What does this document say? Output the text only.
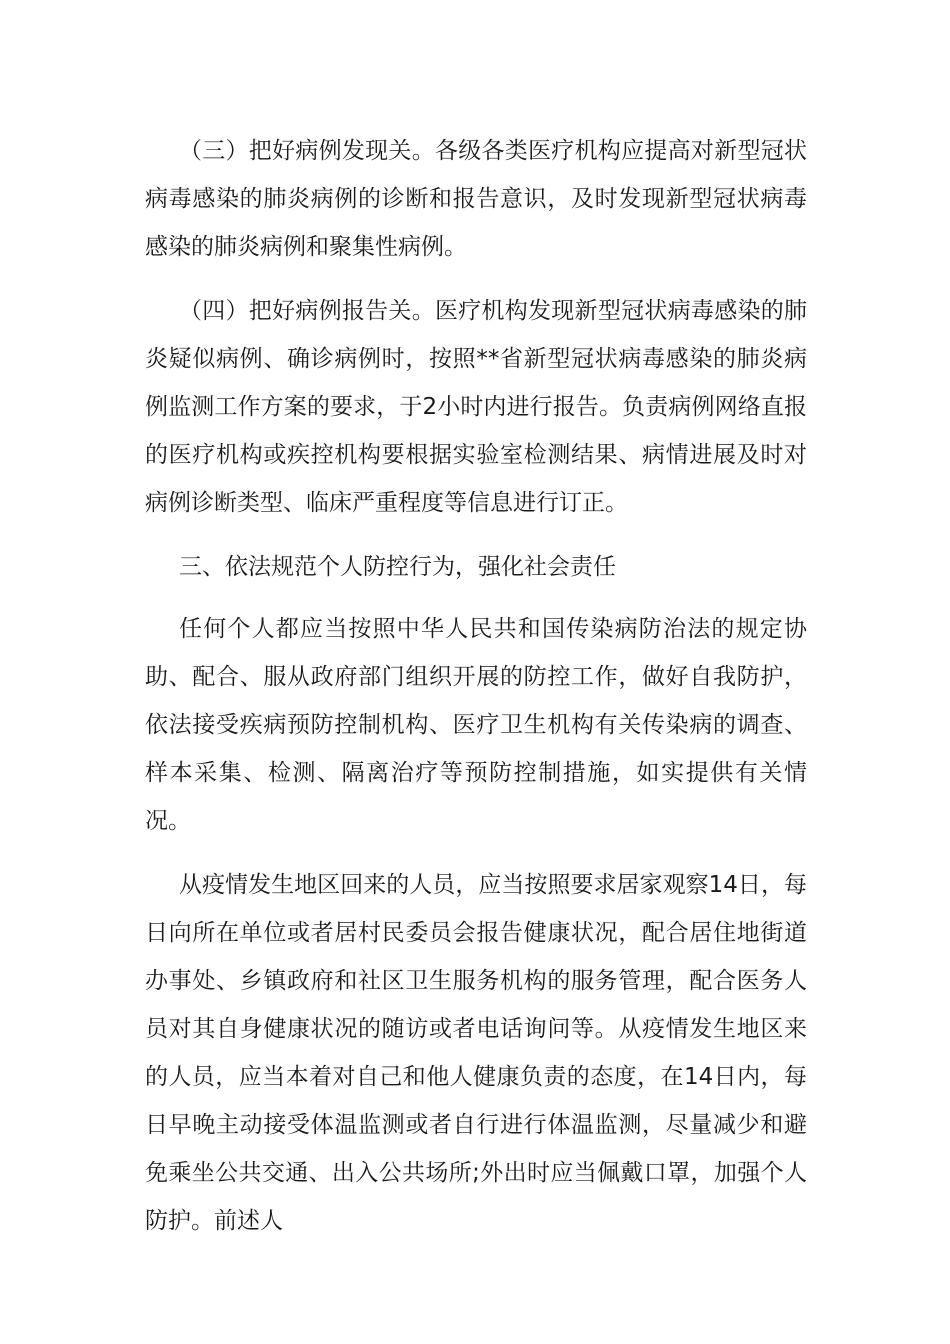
（三）把好病例发现关。各级各类医疗机构应提高对新型冠状病毒感染的肺炎病例的诊断和报告意识，及时发现新型冠状病毒感染的肺炎病例和聚集性病例。

（四）把好病例报告关。医疗机构发现新型冠状病毒感染的肺炎疑似病例、确诊病例时，按照**省新型冠状病毒感染的肺炎病例监测工作方案的要求，于2小时内进行报告。负责病例网络直报的医疗机构或疾控机构要根据实验室检测结果、病情进展及时对病例诊断类型、临床严重程度等信息进行订正。

三、依法规范个人防控行为，强化社会责任

任何个人都应当按照中华人民共和国传染病防治法的规定协助、配合、服从政府部门组织开展的防控工作，做好自我防护，依法接受疾病预防控制机构、医疗卫生机构有关传染病的调查、样本采集、检测、隔离治疗等预防控制措施，如实提供有关情况。

从疫情发生地区回来的人员，应当按照要求居家观察14日，每日向所在单位或者居村民委员会报告健康状况，配合居住地街道办事处、乡镇政府和社区卫生服务机构的服务管理，配合医务人员对其自身健康状况的随访或者电话询问等。从疫情发生地区来的人员，应当本着对自己和他人健康负责的态度，在14日内，每日早晚主动接受体温监测或者自行进行体温监测，尽量减少和避免乘坐公共交通、出入公共场所;外出时应当佩戴口罩，加强个人防护。前述人
